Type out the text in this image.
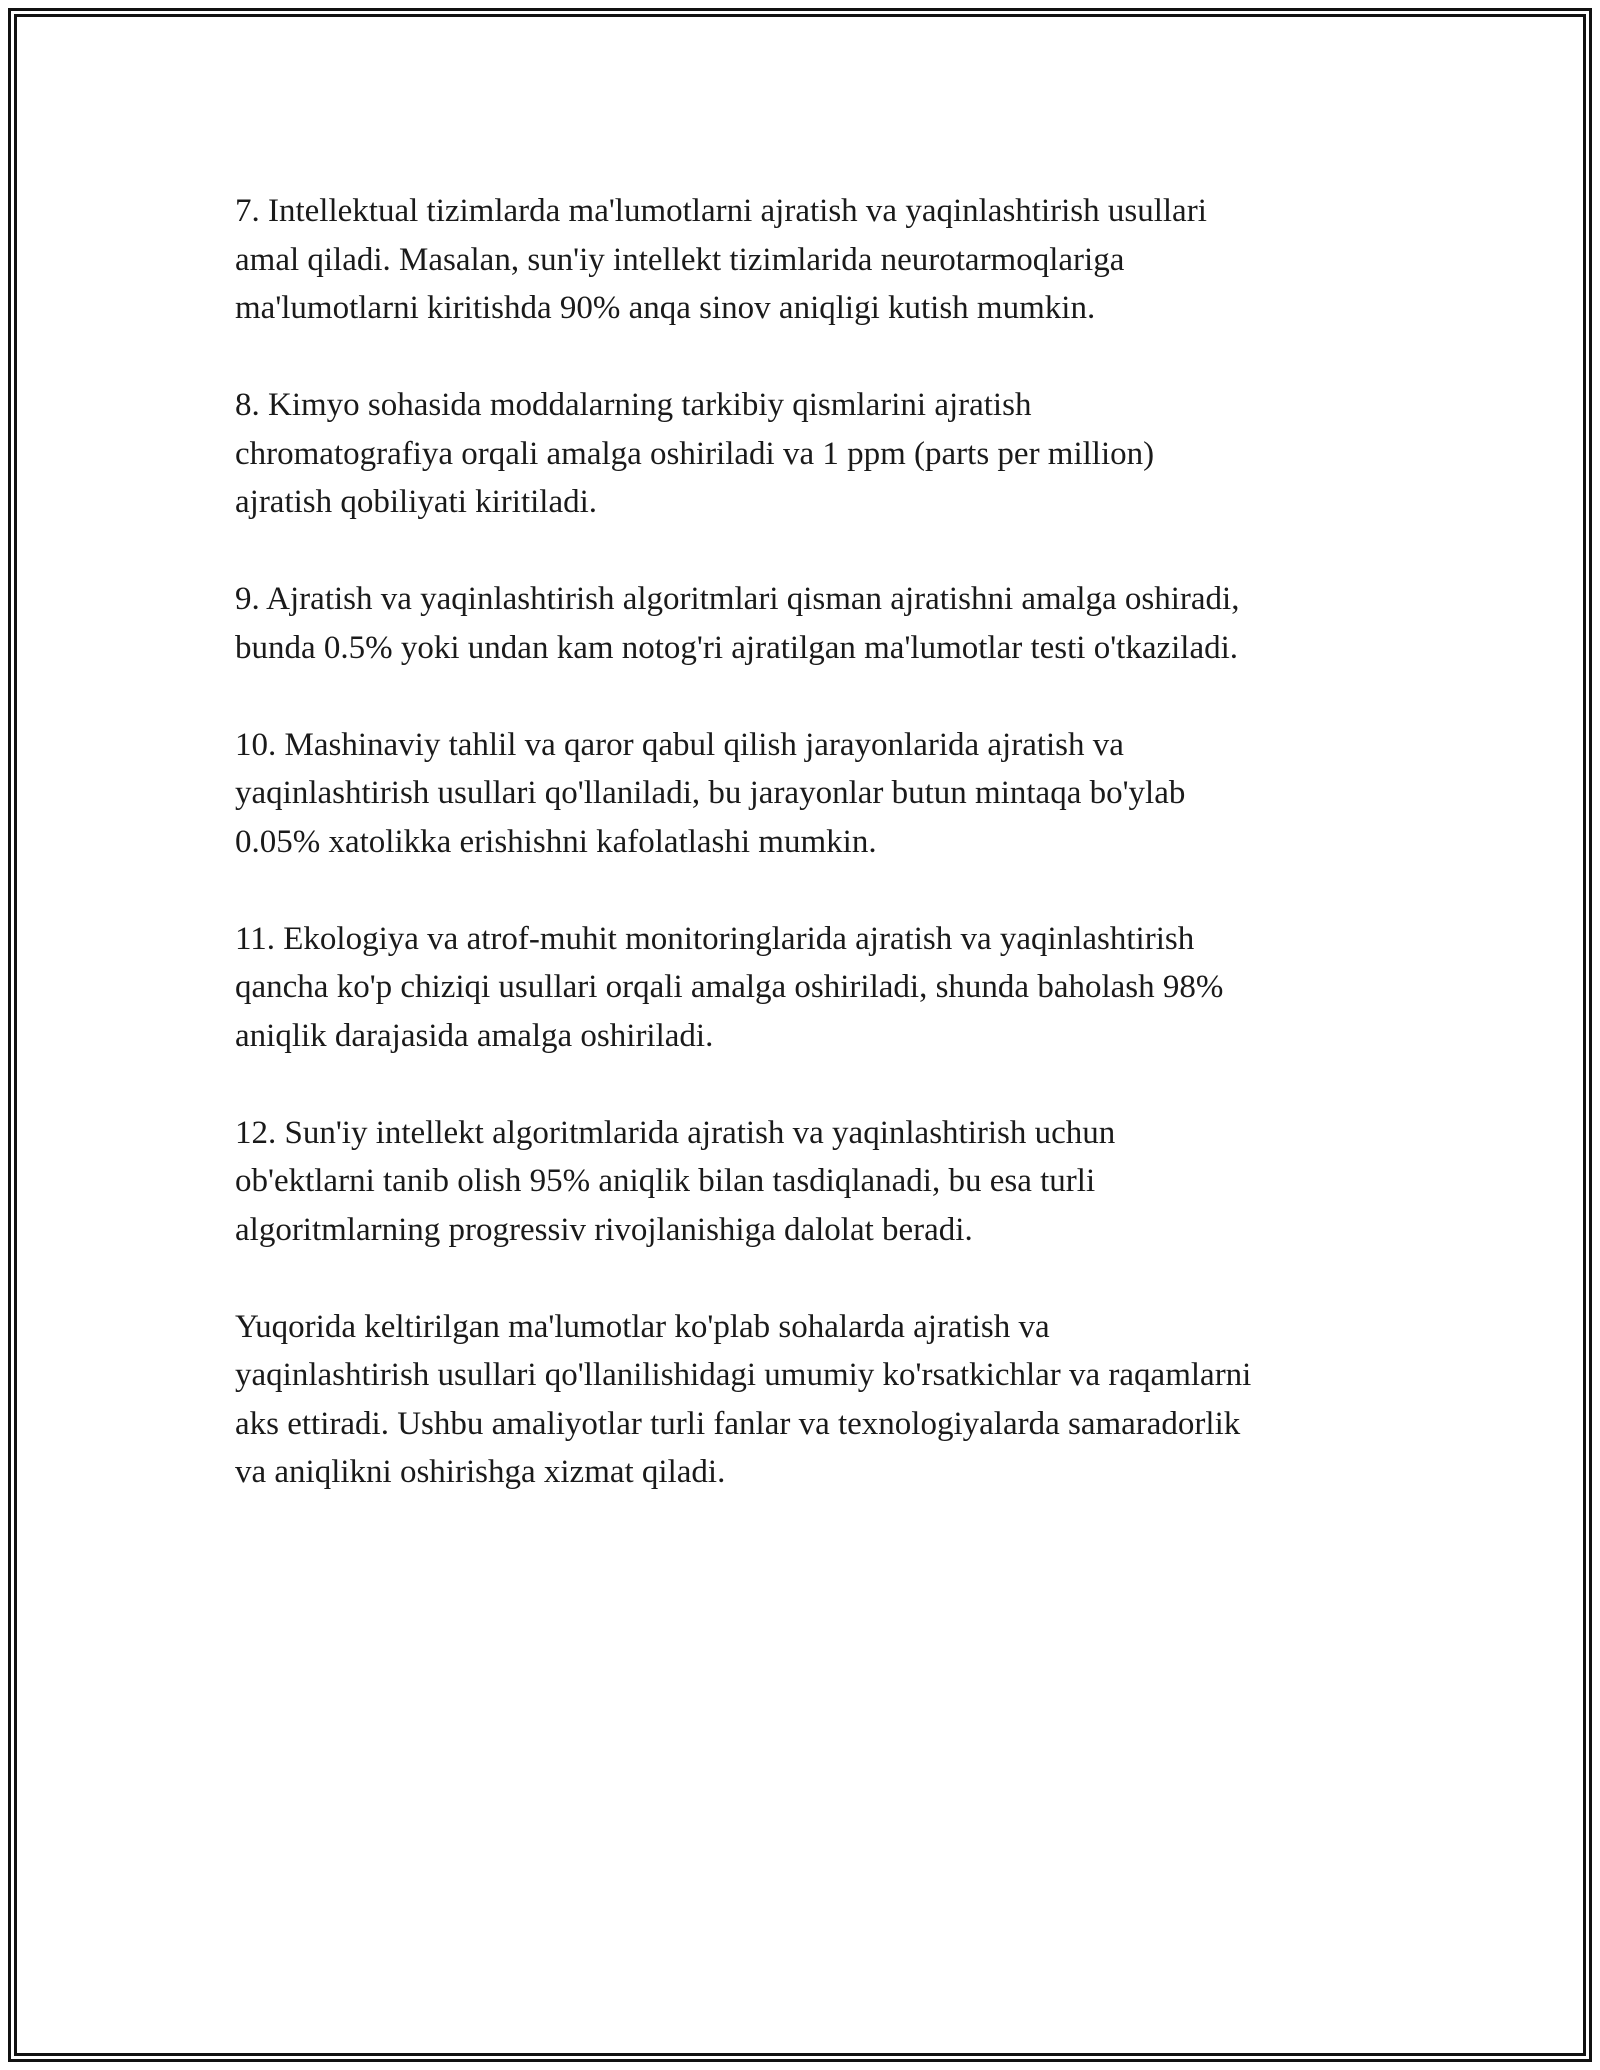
7. Intellektual tizimlarda ma'lumotlarni ajratish va yaqinlashtirish usullari
amal qiladi. Masalan, sun'iy intellekt tizimlarida neurotarmoqlariga
ma'lumotlarni kiritishda 90% anqa sinov aniqligi kutish mumkin.

8. Kimyo sohasida moddalarning tarkibiy qismlarini ajratish
chromatografiya orqali amalga oshiriladi va 1 ppm (parts per million)
ajratish qobiliyati kiritiladi.

9. Ajratish va yaqinlashtirish algoritmlari qisman ajratishni amalga oshiradi,
bunda 0.5% yoki undan kam notog'ri ajratilgan ma'lumotlar testi o'tkaziladi.

10. Mashinaviy tahlil va qaror qabul qilish jarayonlarida ajratish va
yaqinlashtirish usullari qo'llaniladi, bu jarayonlar butun mintaqa bo'ylab
0.05% xatolikka erishishni kafolatlashi mumkin.

11. Ekologiya va atrof-muhit monitoringlarida ajratish va yaqinlashtirish
qancha ko'p chiziqi usullari orqali amalga oshiriladi, shunda baholash 98%
aniqlik darajasida amalga oshiriladi.

12. Sun'iy intellekt algoritmlarida ajratish va yaqinlashtirish uchun
ob'ektlarni tanib olish 95% aniqlik bilan tasdiqlanadi, bu esa turli
algoritmlarning progressiv rivojlanishiga dalolat beradi.

Yuqorida keltirilgan ma'lumotlar ko'plab sohalarda ajratish va
yaqinlashtirish usullari qo'llanilishidagi umumiy ko'rsatkichlar va raqamlarni
aks ettiradi. Ushbu amaliyotlar turli fanlar va texnologiyalarda samaradorlik
va aniqlikni oshirishga xizmat qiladi.
